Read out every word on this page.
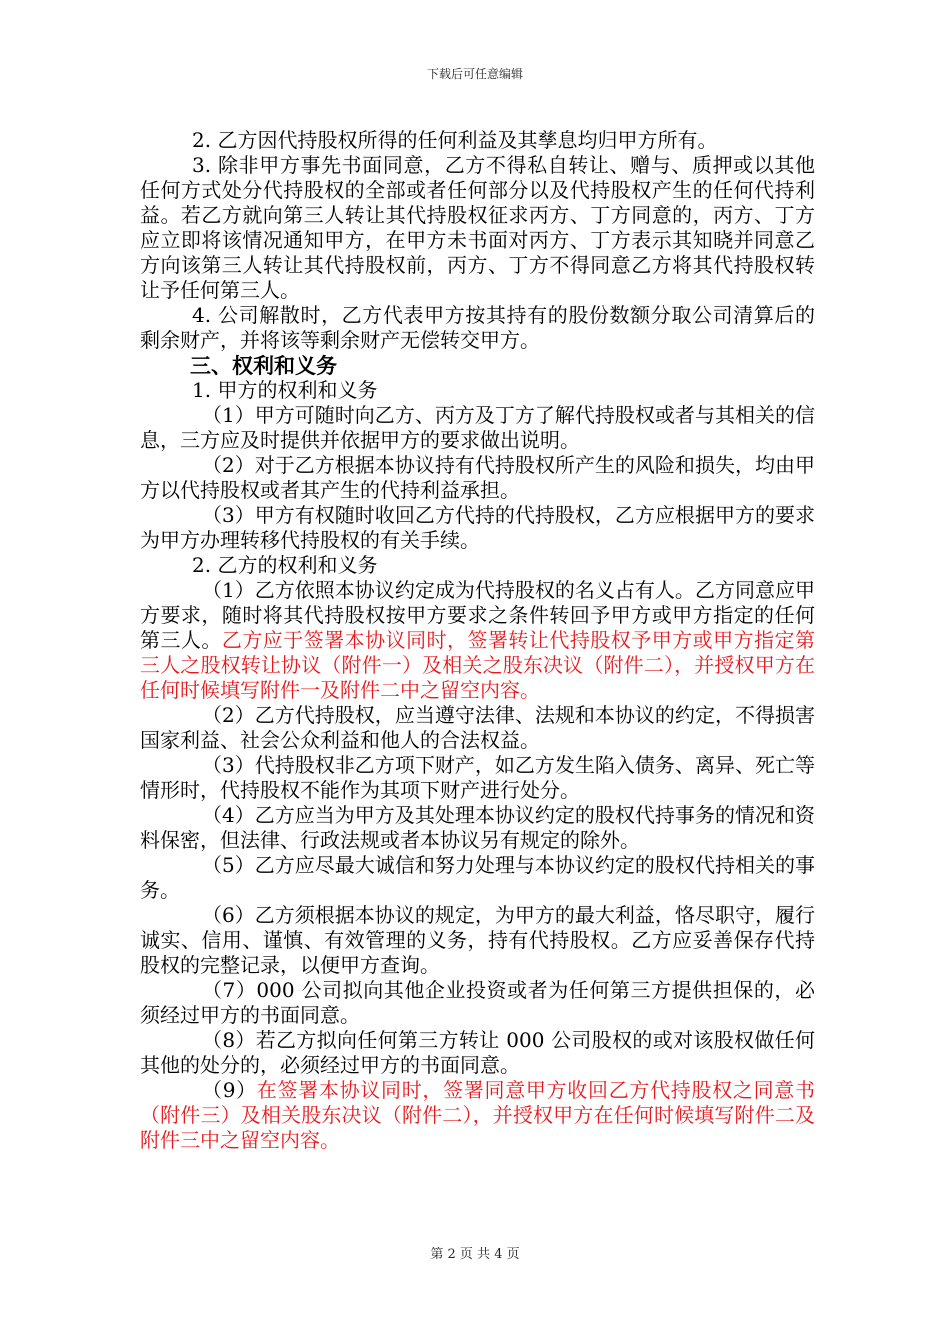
下载后可任意编辑

2. 乙方因代持股权所得的任何利益及其孳息均归甲方所有。

3. 除非甲方事先书面同意，乙方不得私自转让、赠与、质押或以其他任何方式处分代持股权的全部或者任何部分以及代持股权产生的任何代持利益。若乙方就向第三人转让其代持股权征求丙方、丁方同意的，丙方、丁方应立即将该情况通知甲方，在甲方未书面对丙方、丁方表示其知晓并同意乙方向该第三人转让其代持股权前，丙方、丁方不得同意乙方将其代持股权转让予任何第三人。

4. 公司解散时，乙方代表甲方按其持有的股份数额分取公司清算后的剩余财产，并将该等剩余财产无偿转交甲方。

三、权利和义务

1. 甲方的权利和义务

（1）甲方可随时向乙方、丙方及丁方了解代持股权或者与其相关的信息，三方应及时提供并依据甲方的要求做出说明。

（2）对于乙方根据本协议持有代持股权所产生的风险和损失，均由甲方以代持股权或者其产生的代持利益承担。

（3）甲方有权随时收回乙方代持的代持股权，乙方应根据甲方的要求为甲方办理转移代持股权的有关手续。

2. 乙方的权利和义务

（1）乙方依照本协议约定成为代持股权的名义占有人。乙方同意应甲方要求，随时将其代持股权按甲方要求之条件转回予甲方或甲方指定的任何第三人。乙方应于签署本协议同时，签署转让代持股权予甲方或甲方指定第三人之股权转让协议（附件一）及相关之股东决议（附件二），并授权甲方在任何时候填写附件一及附件二中之留空内容。

（2）乙方代持股权，应当遵守法律、法规和本协议的约定，不得损害国家利益、社会公众利益和他人的合法权益。

（3）代持股权非乙方项下财产，如乙方发生陷入债务、离异、死亡等情形时，代持股权不能作为其项下财产进行处分。

（4）乙方应当为甲方及其处理本协议约定的股权代持事务的情况和资料保密，但法律、行政法规或者本协议另有规定的除外。

（5）乙方应尽最大诚信和努力处理与本协议约定的股权代持相关的事务。

（6）乙方须根据本协议的规定，为甲方的最大利益，恪尽职守，履行诚实、信用、谨慎、有效管理的义务，持有代持股权。乙方应妥善保存代持股权的完整记录，以便甲方查询。

（7）000 公司拟向其他企业投资或者为任何第三方提供担保的，必须经过甲方的书面同意。

（8）若乙方拟向任何第三方转让 000 公司股权的或对该股权做任何其他的处分的，必须经过甲方的书面同意。

（9）在签署本协议同时，签署同意甲方收回乙方代持股权之同意书（附件三）及相关股东决议（附件二），并授权甲方在任何时候填写附件二及附件三中之留空内容。

第 2 页 共 4 页
